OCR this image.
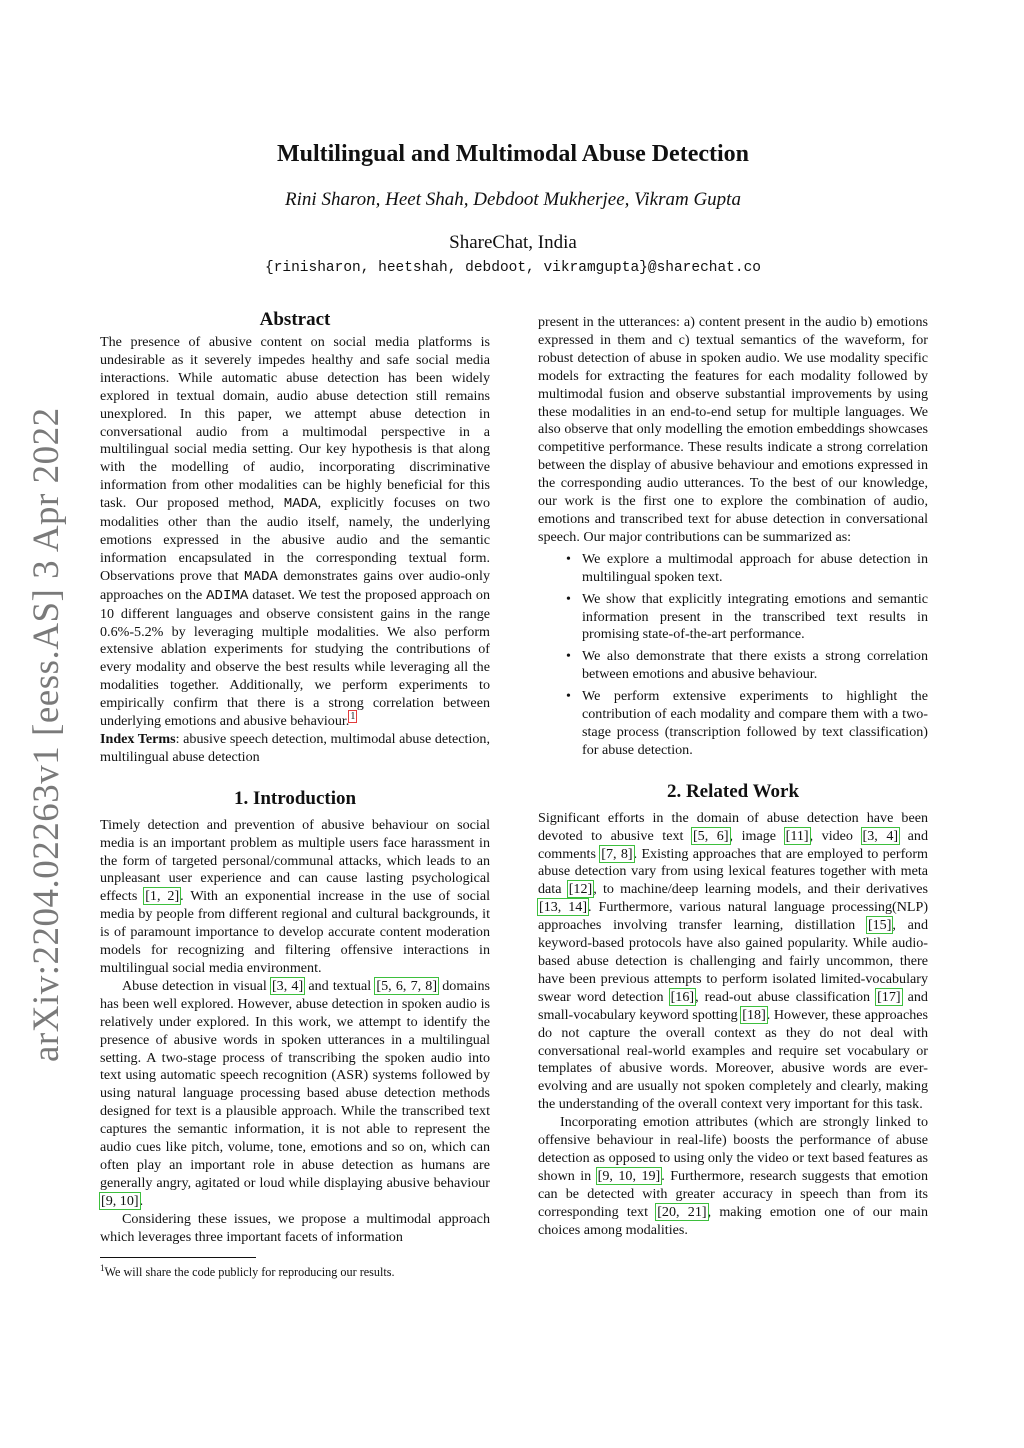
arXiv:2204.02263v1 [eess.AS] 3 Apr 2022
Multilingual and Multimodal Abuse Detection
Rini Sharon, Heet Shah, Debdoot Mukherjee, Vikram Gupta
ShareChat, India
{rinisharon, heetshah, debdoot, vikramgupta}@sharechat.co
Abstract

The presence of abusive content on social media platforms is undesirable as it severely impedes healthy and safe social media interactions. While automatic abuse detection has been widely explored in textual domain, audio abuse detection still remains unexplored. In this paper, we attempt abuse detection in conversational audio from a multimodal perspective in a multilingual social media setting. Our key hypothesis is that along with the modelling of audio, incorporating discriminative information from other modalities can be highly beneficial for this task. Our proposed method, MADA, explicitly focuses on two modalities other than the audio itself, namely, the underlying emotions expressed in the abusive audio and the semantic information encapsulated in the corresponding textual form. Observations prove that MADA demonstrates gains over audio-only approaches on the ADIMA dataset. We test the proposed approach on 10 different languages and observe consistent gains in the range 0.6%-5.2% by leveraging multiple modalities. We also perform extensive ablation experiments for studying the contributions of every modality and observe the best results while leveraging all the modalities together. Additionally, we perform experiments to empirically confirm that there is a strong correlation between underlying emotions and abusive behaviour.$^1$

Index Terms: abusive speech detection, multimodal abuse detection, multilingual abuse detection

1. Introduction

Timely detection and prevention of abusive behaviour on social media is an important problem as multiple users face harassment in the form of targeted personal/communal attacks, which leads to an unpleasant user experience and can cause lasting psychological effects [1, 2]. With an exponential increase in the use of social media by people from different regional and cultural backgrounds, it is of paramount importance to develop accurate content moderation models for recognizing and filtering offensive interactions in multilingual social media environment.

Abuse detection in visual [3, 4] and textual [5, 6, 7, 8] domains has been well explored. However, abuse detection in spoken audio is relatively under explored. In this work, we attempt to identify the presence of abusive words in spoken utterances in a multilingual setting. A two-stage process of transcribing the spoken audio into text using automatic speech recognition (ASR) systems followed by using natural language processing based abuse detection methods designed for text is a plausible approach. While the transcribed text captures the semantic information, it is not able to represent the audio cues like pitch, volume, tone, emotions and so on, which can often play an important role in abuse detection as humans are generally angry, agitated or loud while displaying abusive behaviour [9, 10].

Considering these issues, we propose a multimodal approach which leverages three important facets of information

$^1$We will share the code publicly for reproducing our results.

present in the utterances: a) content present in the audio b) emotions expressed in them and c) textual semantics of the waveform, for robust detection of abuse in spoken audio. We use modality specific models for extracting the features for each modality followed by multimodal fusion and observe substantial improvements by using these modalities in an end-to-end setup for multiple languages. We also observe that only modelling the emotion embeddings showcases competitive performance. These results indicate a strong correlation between the display of abusive behaviour and emotions expressed in the corresponding audio utterances. To the best of our knowledge, our work is the first one to explore the combination of audio, emotions and transcribed text for abuse detection in conversational speech. Our major contributions can be summarized as:

• We explore a multimodal approach for abuse detection in multilingual spoken text.
• We show that explicitly integrating emotions and semantic information present in the transcribed text results in promising state-of-the-art performance.
• We also demonstrate that there exists a strong correlation between emotions and abusive behaviour.
• We perform extensive experiments to highlight the contribution of each modality and compare them with a two-stage process (transcription followed by text classification) for abuse detection.
2. Related Work

Significant efforts in the domain of abuse detection have been devoted to abusive text [5, 6], image [11], video [3, 4] and comments [7, 8]. Existing approaches that are employed to perform abuse detection vary from using lexical features together with meta data [12], to machine/deep learning models, and their derivatives [13, 14]. Furthermore, various natural language processing(NLP) approaches involving transfer learning, distillation [15], and keyword-based protocols have also gained popularity. While audio-based abuse detection is challenging and fairly uncommon, there have been previous attempts to perform isolated limited-vocabulary swear word detection [16], read-out abuse classification [17] and small-vocabulary keyword spotting [18]. However, these approaches do not capture the overall context as they do not deal with conversational real-world examples and require set vocabulary or templates of abusive words. Moreover, abusive words are ever-evolving and are usually not spoken completely and clearly, making the understanding of the overall context very important for this task.

Incorporating emotion attributes (which are strongly linked to offensive behaviour in real-life) boosts the performance of abuse detection as opposed to using only the video or text based features as shown in [9, 10, 19]. Furthermore, research suggests that emotion can be detected with greater accuracy in speech than from its corresponding text [20, 21], making emotion one of our main choices among modalities.
